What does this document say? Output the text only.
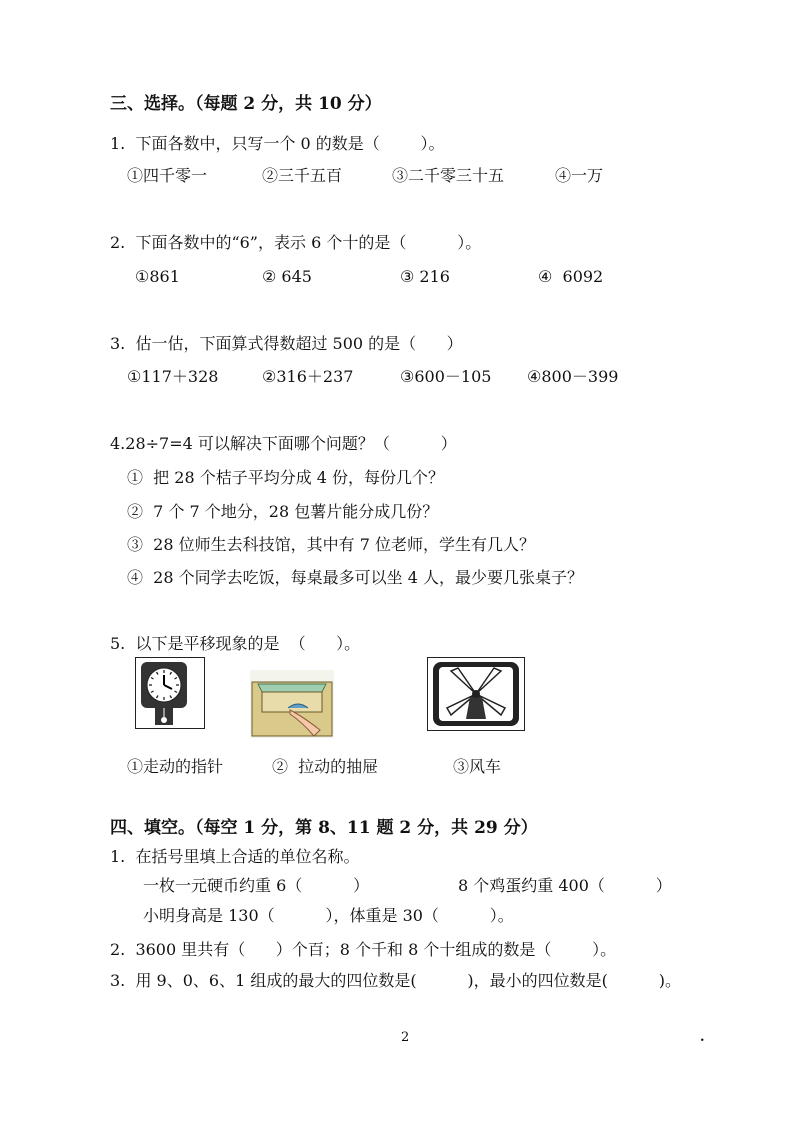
三、选择。（每题 2 分，共 10 分）
1.  下面各数中，只写一个 0 的数是（        ）。
①四千零一	②三千五百	③二千零三十五	④一万
2.  下面各数中的“6”，表示 6 个十的是（          ）。
①861	② 645	③ 216	④  6092
3.  估一估，下面算式得数超过 500 的是（      ）
①117＋328	②316＋237	③600－105 ④800－399
4.28÷7=4 可以解决下面哪个问题？（          ）
①  把 28 个桔子平均分成 4 份，每份几个？
②  7 个 7 个地分，28 包薯片能分成几份？
③  28 位师生去科技馆，其中有 7 位老师，学生有几人？
④  28 个同学去吃饭，每桌最多可以坐 4 人，最少要几张桌子？
5.  以下是平移现象的是  （      ）。
①走动的指针	②  拉动的抽屉	③风车
四、填空。（每空 1 分，第 8、11 题 2 分，共 29 分）
1.  在括号里填上合适的单位名称。
一枚一元硬币约重 6（          ）	8 个鸡蛋约重 400（          ）
小明身高是 130（          ），体重是 30（          ）。
2.  3600 里共有（      ）个百；8 个千和 8 个十组成的数是（        ）。
3.  用 9、0、6、1 组成的最大的四位数是(          )，最小的四位数是(          )。
2	.
